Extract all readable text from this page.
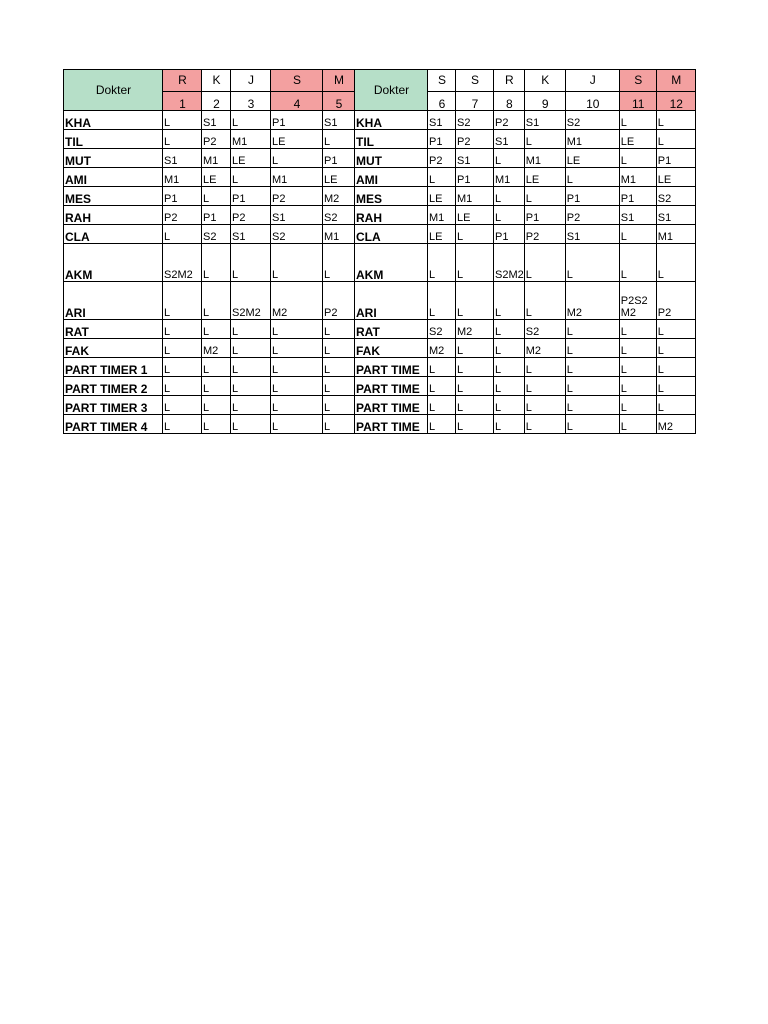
Dokter	R	K	J	S	M	Dokter	S	S	R	K	J	S	M
	1	2	3	4	5		6	7	8	9	10	11	12
KHA	L	S1	L	P1	S1	KHA	S1	S2	P2	S1	S2	L	L
TIL	L	P2	M1	LE	L	TIL	P1	P2	S1	L	M1	LE	L
MUT	S1	M1	LE	L	P1	MUT	P2	S1	L	M1	LE	L	P1
AMI	M1	LE	L	M1	LE	AMI	L	P1	M1	LE	L	M1	LE
MES	P1	L	P1	P2	M2	MES	LE	M1	L	L	P1	P1	S2
RAH	P2	P1	P2	S1	S2	RAH	M1	LE	L	P1	P2	S1	S1
CLA	L	S2	S1	S2	M1	CLA	LE	L	P1	P2	S1	L	M1
AKM	S2M2	L	L	L	L	AKM	L	L	S2M2	L	L	L	L
ARI	L	L	S2M2	M2	P2	ARI	L	L	L	L	M2	P2S2M2	P2
RAT	L	L	L	L	L	RAT	S2	M2	L	S2	L	L	L
FAK	L	M2	L	L	L	FAK	M2	L	L	M2	L	L	L
PART TIMER 1	L	L	L	L	L	PART TIME	L	L	L	L	L	L	L
PART TIMER 2	L	L	L	L	L	PART TIME	L	L	L	L	L	L	L
PART TIMER 3	L	L	L	L	L	PART TIME	L	L	L	L	L	L	L
PART TIMER 4	L	L	L	L	L	PART TIME	L	L	L	L	L	L	M2
